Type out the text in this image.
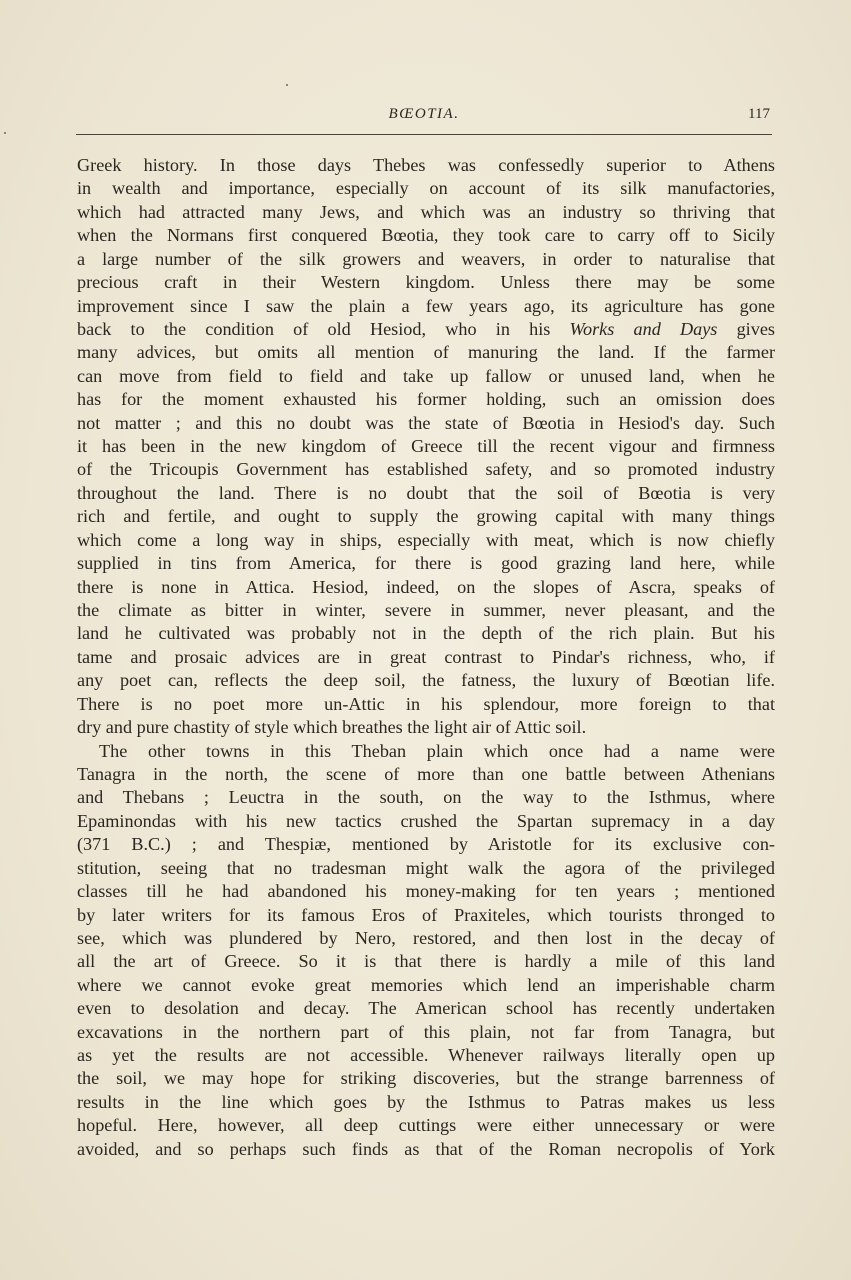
BŒOTIA.	117
Greek history. In those days Thebes was confessedly superior to Athens
in wealth and importance, especially on account of its silk manufactories,
which had attracted many Jews, and which was an industry so thriving that
when the Normans first conquered Bœotia, they took care to carry off to Sicily
a large number of the silk growers and weavers, in order to naturalise that
precious craft in their Western kingdom. Unless there may be some
improvement since I saw the plain a few years ago, its agriculture has gone
back to the condition of old Hesiod, who in his Works and Days gives
many advices, but omits all mention of manuring the land. If the farmer
can move from field to field and take up fallow or unused land, when he
has for the moment exhausted his former holding, such an omission does
not matter ; and this no doubt was the state of Bœotia in Hesiod's day. Such
it has been in the new kingdom of Greece till the recent vigour and firmness
of the Tricoupis Government has established safety, and so promoted industry
throughout the land. There is no doubt that the soil of Bœotia is very
rich and fertile, and ought to supply the growing capital with many things
which come a long way in ships, especially with meat, which is now chiefly
supplied in tins from America, for there is good grazing land here, while
there is none in Attica. Hesiod, indeed, on the slopes of Ascra, speaks of
the climate as bitter in winter, severe in summer, never pleasant, and the
land he cultivated was probably not in the depth of the rich plain. But his
tame and prosaic advices are in great contrast to Pindar's richness, who, if
any poet can, reflects the deep soil, the fatness, the luxury of Bœotian life.
There is no poet more un-Attic in his splendour, more foreign to that
dry and pure chastity of style which breathes the light air of Attic soil.
The other towns in this Theban plain which once had a name were
Tanagra in the north, the scene of more than one battle between Athenians
and Thebans ; Leuctra in the south, on the way to the Isthmus, where
Epaminondas with his new tactics crushed the Spartan supremacy in a day
(371 B.C.) ; and Thespiæ, mentioned by Aristotle for its exclusive con-
stitution, seeing that no tradesman might walk the agora of the privileged
classes till he had abandoned his money-making for ten years ; mentioned
by later writers for its famous Eros of Praxiteles, which tourists thronged to
see, which was plundered by Nero, restored, and then lost in the decay of
all the art of Greece. So it is that there is hardly a mile of this land
where we cannot evoke great memories which lend an imperishable charm
even to desolation and decay. The American school has recently undertaken
excavations in the northern part of this plain, not far from Tanagra, but
as yet the results are not accessible. Whenever railways literally open up
the soil, we may hope for striking discoveries, but the strange barrenness of
results in the line which goes by the Isthmus to Patras makes us less
hopeful. Here, however, all deep cuttings were either unnecessary or were
avoided, and so perhaps such finds as that of the Roman necropolis of York
